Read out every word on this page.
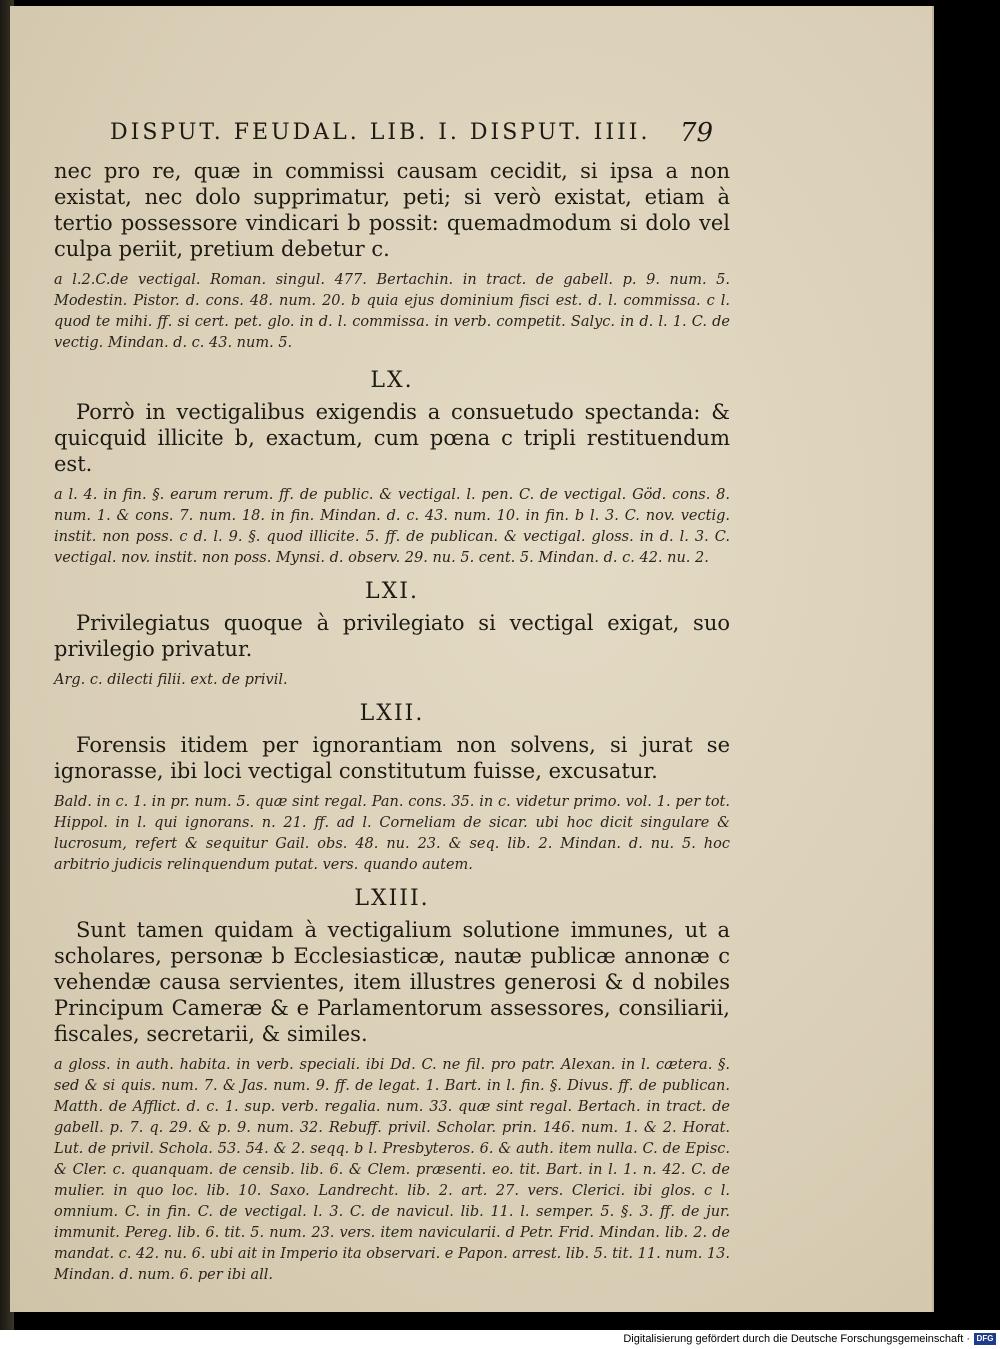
DISPUT. FEUDAL. LIB. I. DISPUT. IIII.	79

nec pro re, quæ in commissi causam cecidit, si ipsa a non existat, nec dolo supprimatur, peti; si verò existat, etiam à tertio possessore vindicari b possit: quemadmodum si dolo vel culpa periit, pretium debetur c.

a l.2.C.de vectigal. Roman. singul. 477. Bertachin. in tract. de gabell. p. 9. num. 5. Modestin. Pistor. d. cons. 48. num. 20. b quia ejus dominium fisci est. d. l. commissa. c l. quod te mihi. ff. si cert. pet. glo. in d. l. commissa. in verb. competit. Salyc. in d. l. 1. C. de vectig. Mindan. d. c. 43. num. 5.

LX.

Porrò in vectigalibus exigendis a consuetudo spectanda: & quicquid illicite b, exactum, cum pœna c tripli restituendum est.

a l. 4. in fin. §. earum rerum. ff. de public. & vectigal. l. pen. C. de vectigal. Göd. cons. 8. num. 1. & cons. 7. num. 18. in fin. Mindan. d. c. 43. num. 10. in fin. b l. 3. C. nov. vectig. instit. non poss. c d. l. 9. §. quod illicite. 5. ff. de publican. & vectigal. gloss. in d. l. 3. C. vectigal. nov. instit. non poss. Mynsi. d. observ. 29. nu. 5. cent. 5. Mindan. d. c. 42. nu. 2.

LXI.

Privilegiatus quoque à privilegiato si vectigal exigat, suo privilegio privatur.

Arg. c. dilecti filii. ext. de privil.

LXII.

Forensis itidem per ignorantiam non solvens, si jurat se ignorasse, ibi loci vectigal constitutum fuisse, excusatur.

Bald. in c. 1. in pr. num. 5. quæ sint regal. Pan. cons. 35. in c. videtur primo. vol. 1. per tot. Hippol. in l. qui ignorans. n. 21. ff. ad l. Corneliam de sicar. ubi hoc dicit singulare & lucrosum, refert & sequitur Gail. obs. 48. nu. 23. & seq. lib. 2. Mindan. d. nu. 5. hoc arbitrio judicis relinquendum putat. vers. quando autem.

LXIII.

Sunt tamen quidam à vectigalium solutione immunes, ut a scholares, personæ b Ecclesiasticæ, nautæ publicæ annonæ c vehendæ causa servientes, item illustres generosi & d nobiles Principum Cameræ & e Parlamentorum assessores, consiliarii, fiscales, secretarii, & similes.

a gloss. in auth. habita. in verb. speciali. ibi Dd. C. ne fil. pro patr. Alexan. in l. cætera. §. sed & si quis. num. 7. & Jas. num. 9. ff. de legat. 1. Bart. in l. fin. §. Divus. ff. de publican. Matth. de Afflict. d. c. 1. sup. verb. regalia. num. 33. quæ sint regal. Bertach. in tract. de gabell. p. 7. q. 29. & p. 9. num. 32. Rebuff. privil. Scholar. prin. 146. num. 1. & 2. Horat. Lut. de privil. Schola. 53. 54. & 2. seqq. b l. Presbyteros. 6. & auth. item nulla. C. de Episc. & Cler. c. quanquam. de censib. lib. 6. & Clem. præsenti. eo. tit. Bart. in l. 1. n. 42. C. de mulier. in quo loc. lib. 10. Saxo. Landrecht. lib. 2. art. 27. vers. Clerici. ibi glos. c l. omnium. C. in fin. C. de vectigal. l. 3. C. de navicul. lib. 11. l. semper. 5. §. 3. ff. de jur. immunit. Pereg. lib. 6. tit. 5. num. 23. vers. item navicularii. d Petr. Frid. Mindan. lib. 2. de mandat. c. 42. nu. 6. ubi ait in Imperio ita observari. e Papon. arrest. lib. 5. tit. 11. num. 13. Mindan. d. num. 6. per ibi all.

Digitalisierung gefördert durch die Deutsche Forschungsgemeinschaft · DFG
